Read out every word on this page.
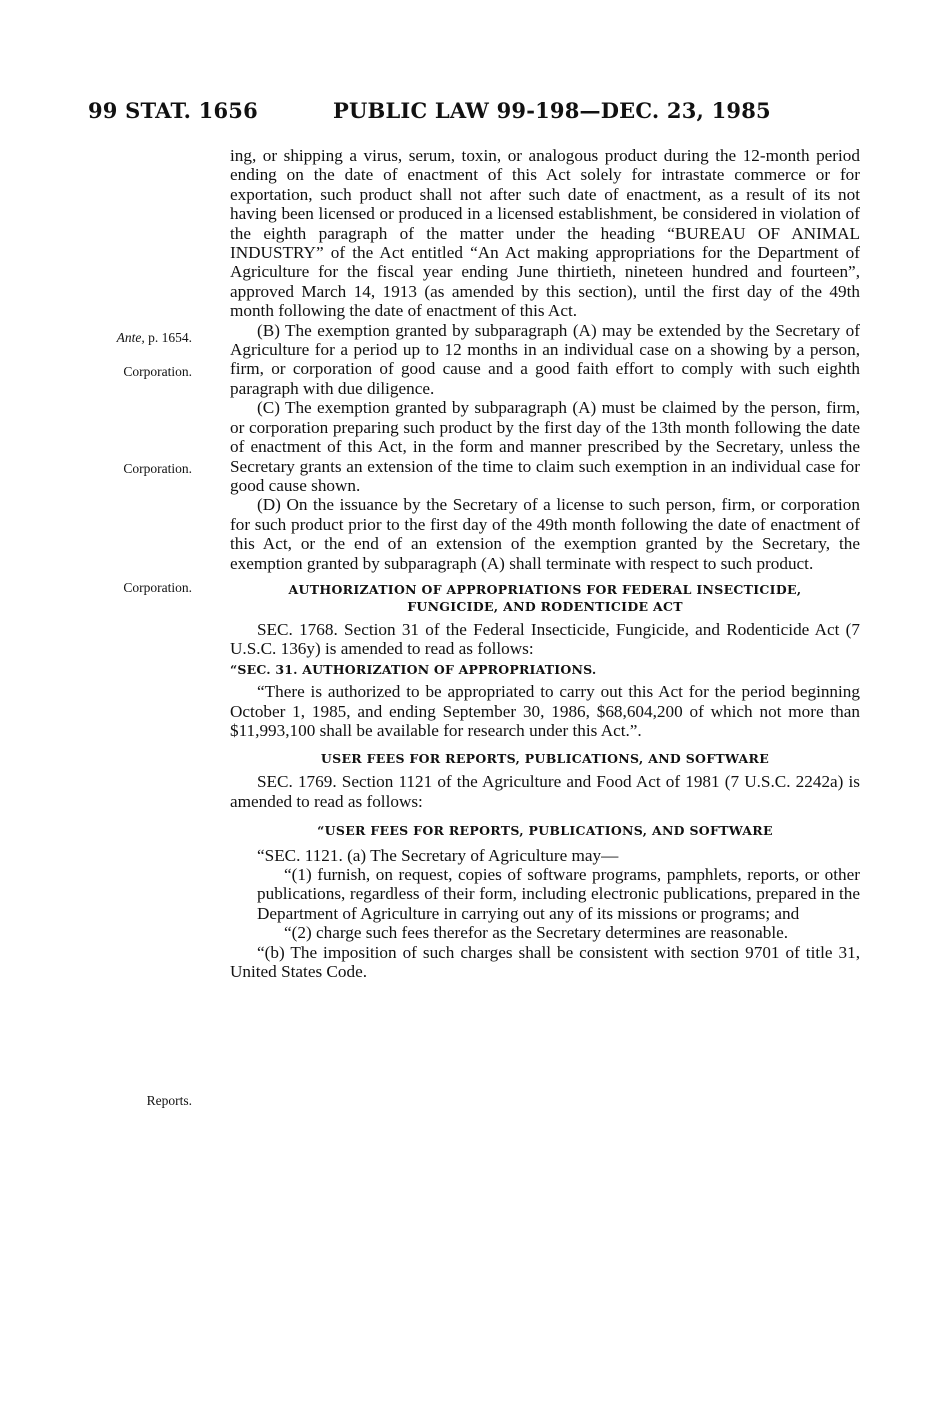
99 STAT. 1656	PUBLIC LAW 99-198—DEC. 23, 1985
Ante, p. 1654.
Corporation.
Corporation.
Corporation.
Reports.

ing, or shipping a virus, serum, toxin, or analogous product during the 12-month period ending on the date of enactment of this Act solely for intrastate commerce or for exportation, such product shall not after such date of enactment, as a result of its not having been licensed or produced in a licensed establishment, be considered in violation of the eighth paragraph of the matter under the heading “BUREAU OF ANIMAL INDUSTRY” of the Act entitled “An Act making appropriations for the Department of Agriculture for the fiscal year ending June thirtieth, nineteen hundred and fourteen”, approved March 14, 1913 (as amended by this section), until the first day of the 49th month following the date of enactment of this Act.

(B) The exemption granted by subparagraph (A) may be extended by the Secretary of Agriculture for a period up to 12 months in an individual case on a showing by a person, firm, or corporation of good cause and a good faith effort to comply with such eighth paragraph with due diligence.

(C) The exemption granted by subparagraph (A) must be claimed by the person, firm, or corporation preparing such product by the first day of the 13th month following the date of enactment of this Act, in the form and manner prescribed by the Secretary, unless the Secretary grants an extension of the time to claim such exemption in an individual case for good cause shown.

(D) On the issuance by the Secretary of a license to such person, firm, or corporation for such product prior to the first day of the 49th month following the date of enactment of this Act, or the end of an extension of the exemption granted by the Secretary, the exemption granted by subparagraph (A) shall terminate with respect to such product.

AUTHORIZATION OF APPROPRIATIONS FOR FEDERAL INSECTICIDE, FUNGICIDE, AND RODENTICIDE ACT

SEC. 1768. Section 31 of the Federal Insecticide, Fungicide, and Rodenticide Act (7 U.S.C. 136y) is amended to read as follows:

“SEC. 31. AUTHORIZATION OF APPROPRIATIONS.

“There is authorized to be appropriated to carry out this Act for the period beginning October 1, 1985, and ending September 30, 1986, $68,604,200 of which not more than $11,993,100 shall be available for research under this Act.”.

USER FEES FOR REPORTS, PUBLICATIONS, AND SOFTWARE

SEC. 1769. Section 1121 of the Agriculture and Food Act of 1981 (7 U.S.C. 2242a) is amended to read as follows:

“USER FEES FOR REPORTS, PUBLICATIONS, AND SOFTWARE

“SEC. 1121. (a) The Secretary of Agriculture may—

“(1) furnish, on request, copies of software programs, pamphlets, reports, or other publications, regardless of their form, including electronic publications, prepared in the Department of Agriculture in carrying out any of its missions or programs; and

“(2) charge such fees therefor as the Secretary determines are reasonable.

“(b) The imposition of such charges shall be consistent with section 9701 of title 31, United States Code.
